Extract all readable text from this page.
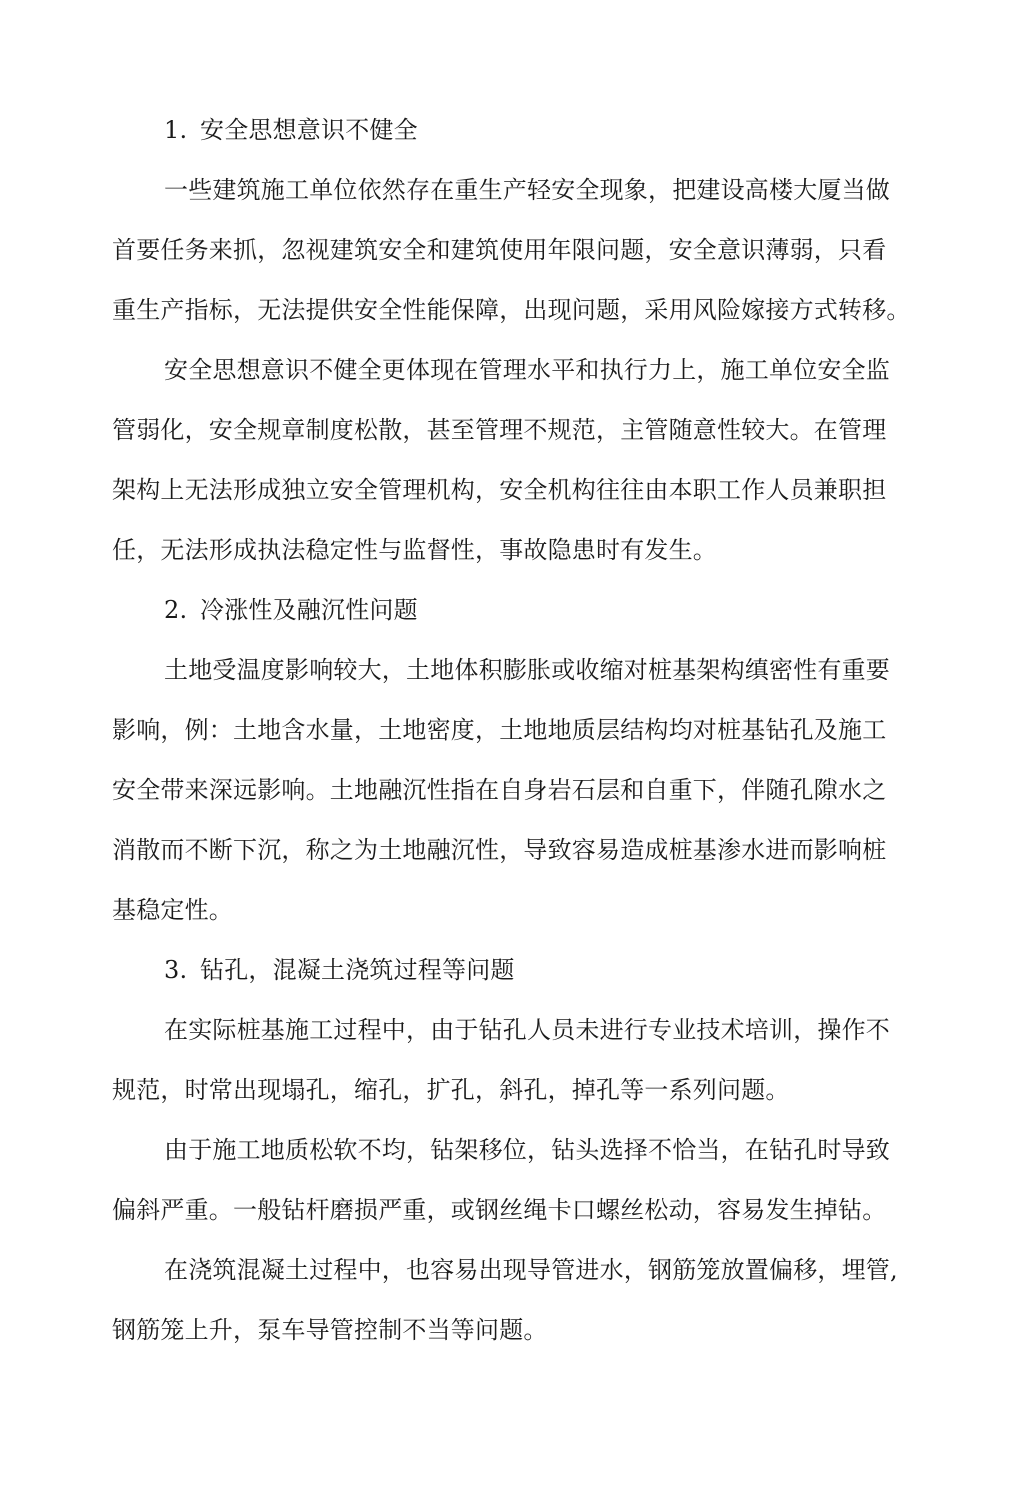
1. 安全思想意识不健全
一些建筑施工单位依然存在重生产轻安全现象，把建设高楼大厦当做
首要任务来抓，忽视建筑安全和建筑使用年限问题，安全意识薄弱，只看
重生产指标，无法提供安全性能保障，出现问题，采用风险嫁接方式转移。
安全思想意识不健全更体现在管理水平和执行力上，施工单位安全监
管弱化，安全规章制度松散，甚至管理不规范，主管随意性较大。在管理
架构上无法形成独立安全管理机构，安全机构往往由本职工作人员兼职担
任，无法形成执法稳定性与监督性，事故隐患时有发生。
2. 冷涨性及融沉性问题
土地受温度影响较大，土地体积膨胀或收缩对桩基架构缜密性有重要
影响，例：土地含水量，土地密度，土地地质层结构均对桩基钻孔及施工
安全带来深远影响。土地融沉性指在自身岩石层和自重下，伴随孔隙水之
消散而不断下沉，称之为土地融沉性，导致容易造成桩基渗水进而影响桩
基稳定性。
3. 钻孔，混凝土浇筑过程等问题
在实际桩基施工过程中，由于钻孔人员未进行专业技术培训，操作不
规范，时常出现塌孔，缩孔，扩孔，斜孔，掉孔等一系列问题。
由于施工地质松软不均，钻架移位，钻头选择不恰当，在钻孔时导致
偏斜严重。一般钻杆磨损严重，或钢丝绳卡口螺丝松动，容易发生掉钻。
在浇筑混凝土过程中，也容易出现导管进水，钢筋笼放置偏移，埋管,
钢筋笼上升，泵车导管控制不当等问题。
